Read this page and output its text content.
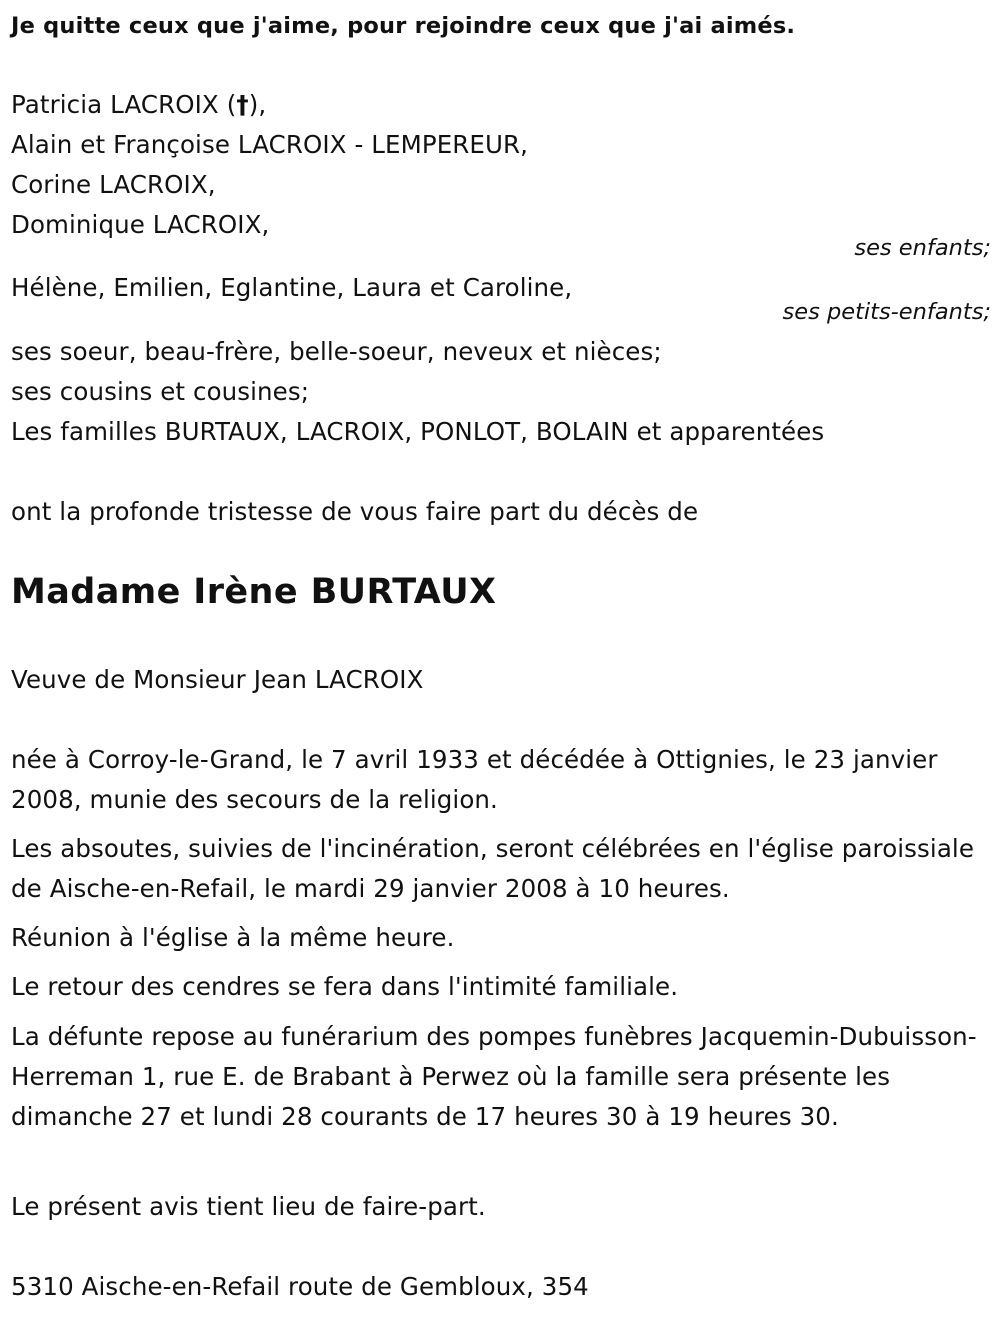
Je quitte ceux que j'aime, pour rejoindre ceux que j'ai aimés.
Patricia LACROIX (†),
Alain et Françoise LACROIX - LEMPEREUR,
Corine LACROIX,
Dominique LACROIX,
ses enfants;
Hélène, Emilien, Eglantine, Laura et Caroline,
ses petits-enfants;
ses soeur, beau-frère, belle-soeur, neveux et nièces;
ses cousins et cousines;
Les familles BURTAUX, LACROIX, PONLOT, BOLAIN et apparentées
ont la profonde tristesse de vous faire part du décès de
Madame Irène BURTAUX
Veuve de Monsieur Jean LACROIX
née à Corroy-le-Grand, le 7 avril 1933 et décédée à Ottignies, le 23 janvier 2008, munie des secours de la religion.
Les absoutes, suivies de l'incinération, seront célébrées en l'église paroissiale de Aische-en-Refail, le mardi 29 janvier 2008 à 10 heures.
Réunion à l'église à la même heure.
Le retour des cendres se fera dans l'intimité familiale.
La défunte repose au funérarium des pompes funèbres Jacquemin-Dubuisson-Herreman 1, rue E. de Brabant à Perwez où la famille sera présente les dimanche 27 et lundi 28 courants de 17 heures 30 à 19 heures 30.
Le présent avis tient lieu de faire-part.
5310 Aische-en-Refail route de Gembloux, 354
